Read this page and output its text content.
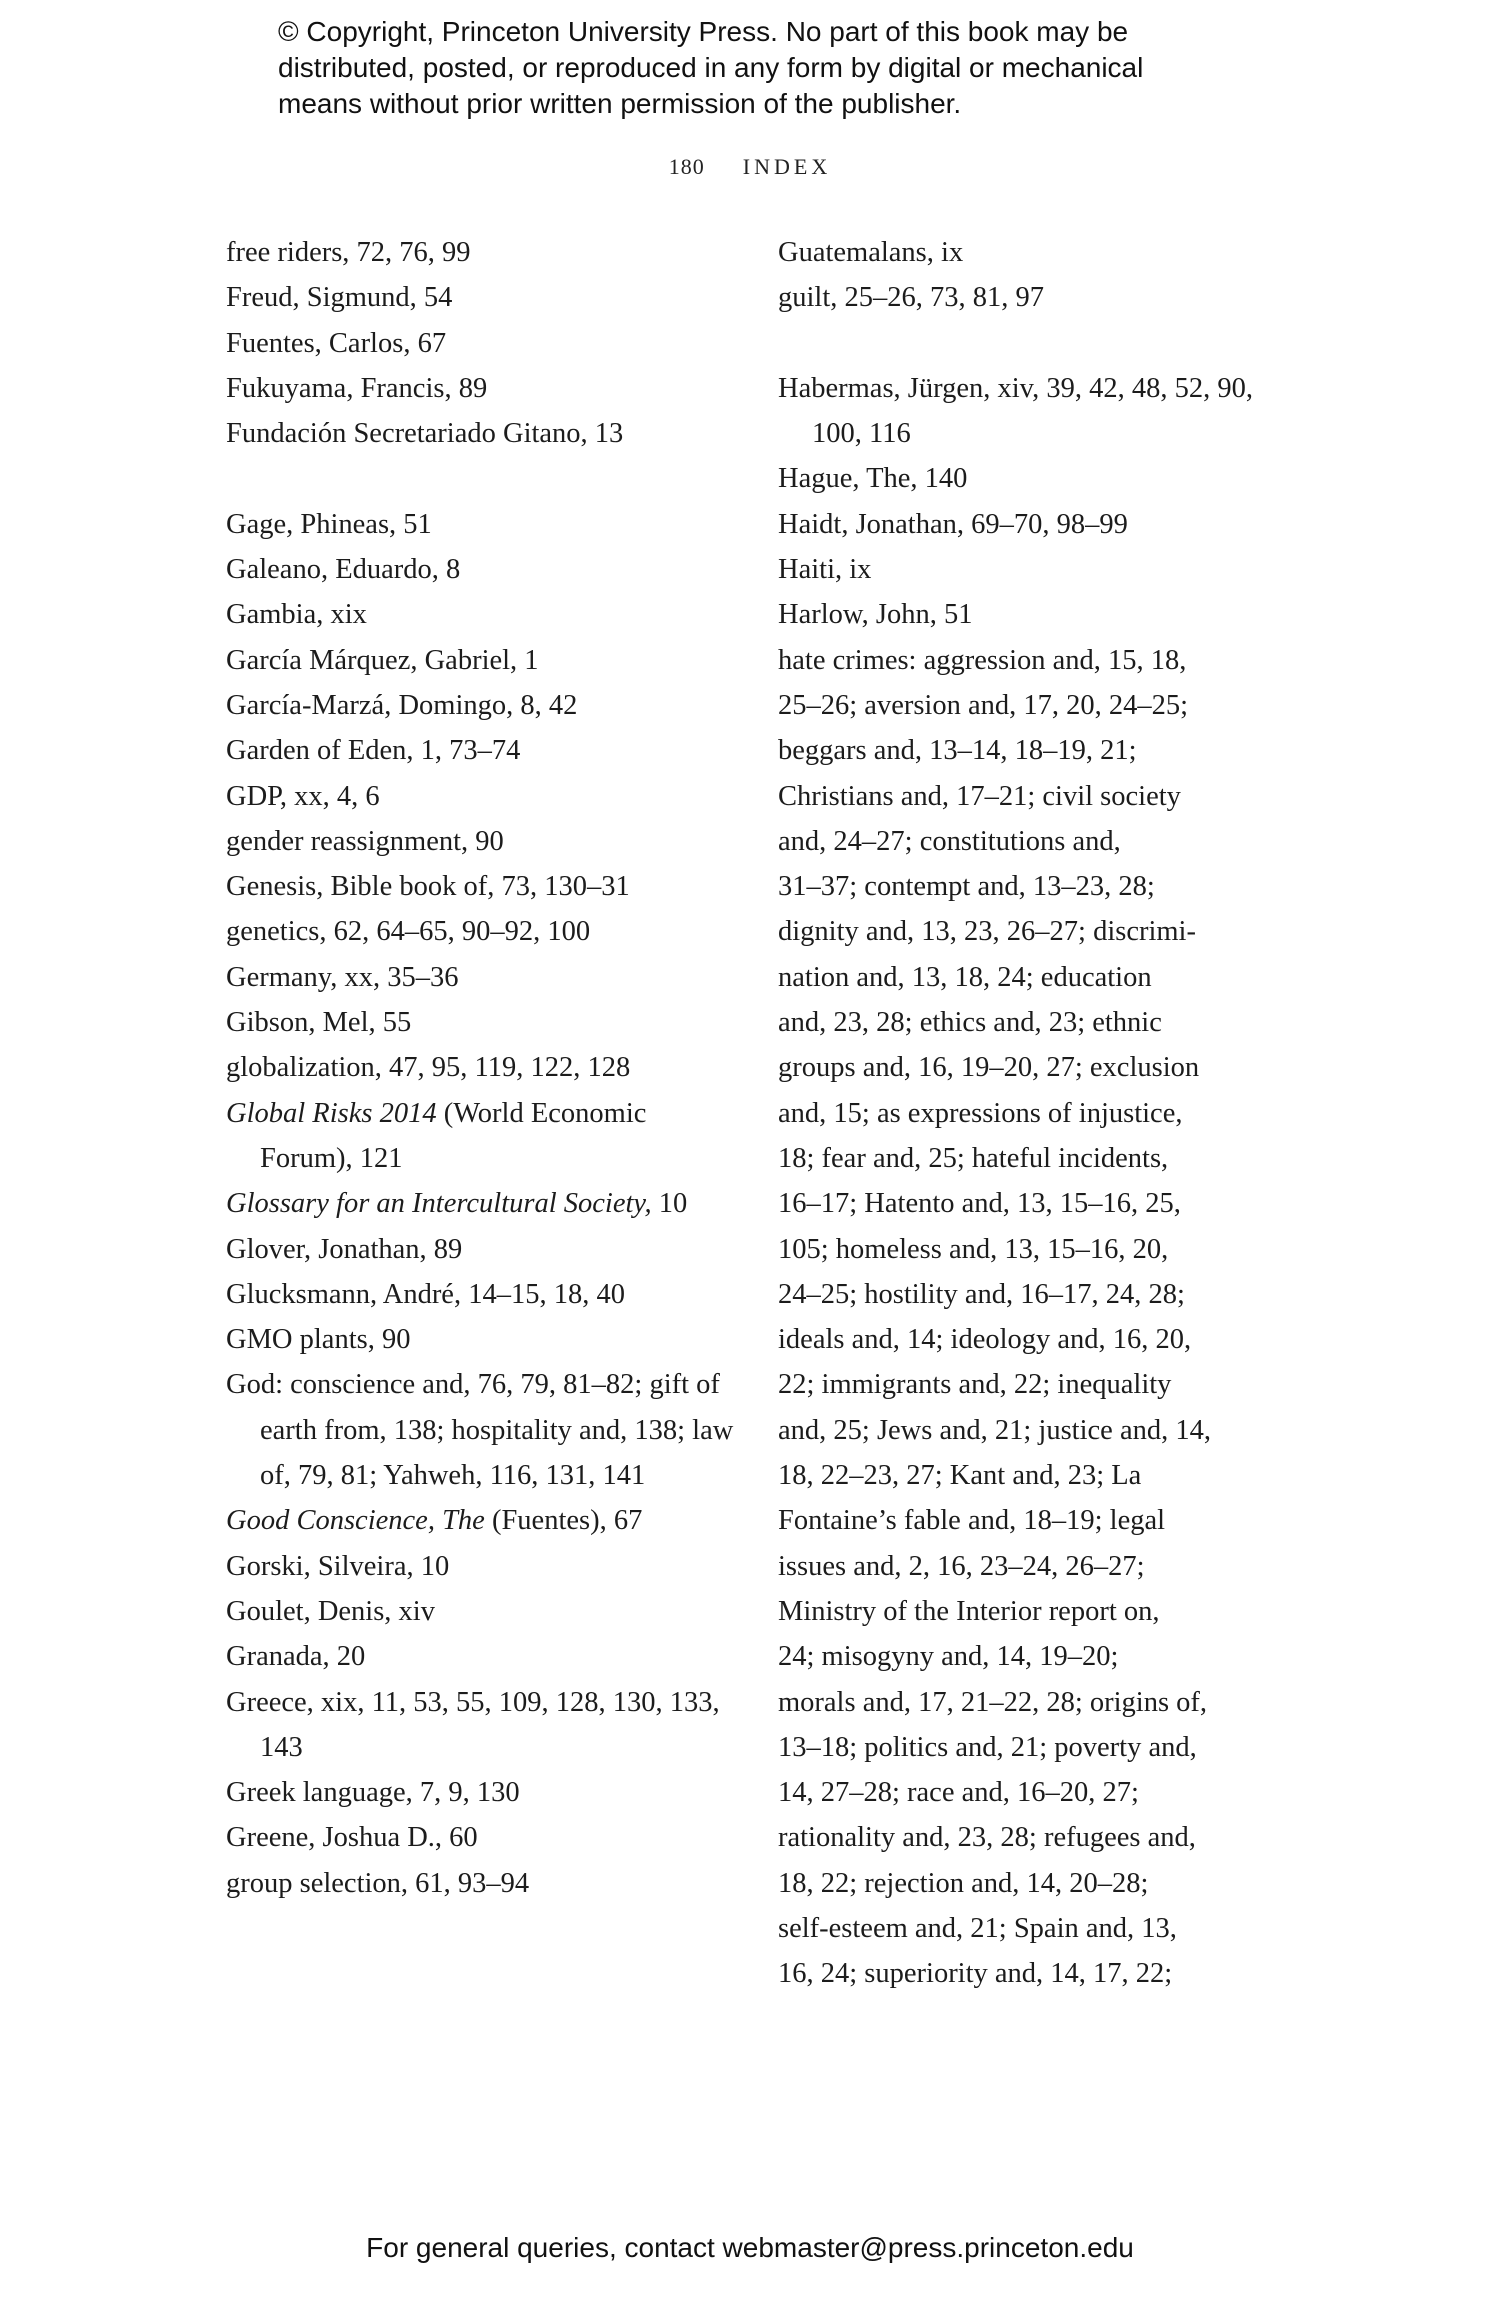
© Copyright, Princeton University Press. No part of this book may be
distributed, posted, or reproduced in any form by digital or mechanical
means without prior written permission of the publisher.
180 INDEX

free riders, 72, 76, 99

Freud, Sigmund, 54

Fuentes, Carlos, 67

Fukuyama, Francis, 89

Fundación Secretariado Gitano, 13

Gage, Phineas, 51

Galeano, Eduardo, 8

Gambia, xix

García Márquez, Gabriel, 1

García-Marzá, Domingo, 8, 42

Garden of Eden, 1, 73–74

GDP, xx, 4, 6

gender reassignment, 90

Genesis, Bible book of, 73, 130–31

genetics, 62, 64–65, 90–92, 100

Germany, xx, 35–36

Gibson, Mel, 55

globalization, 47, 95, 119, 122, 128

Global Risks 2014 (World Economic Forum), 121

Glossary for an Intercultural Society, 10

Glover, Jonathan, 89

Glucksmann, André, 14–15, 18, 40

GMO plants, 90

God: conscience and, 76, 79, 81–82; gift of earth from, 138; hospitality and, 138; law of, 79, 81; Yahweh, 116, 131, 141

Good Conscience, The (Fuentes), 67

Gorski, Silveira, 10

Goulet, Denis, xiv

Granada, 20

Greece, xix, 11, 53, 55, 109, 128, 130, 133, 143

Greek language, 7, 9, 130

Greene, Joshua D., 60

group selection, 61, 93–94

Guatemalans, ix

guilt, 25–26, 73, 81, 97

Habermas, Jürgen, xiv, 39, 42, 48, 52, 90, 100, 116

Hague, The, 140

Haidt, Jonathan, 69–70, 98–99

Haiti, ix

Harlow, John, 51

hate crimes: aggression and, 15, 18,
25–26; aversion and, 17, 20, 24–25;
beggars and, 13–14, 18–19, 21;
Christians and, 17–21; civil society
and, 24–27; constitutions and,
31–37; contempt and, 13–23, 28;
dignity and, 13, 23, 26–27; discrimi-
nation and, 13, 18, 24; education
and, 23, 28; ethics and, 23; ethnic
groups and, 16, 19–20, 27; exclusion
and, 15; as expressions of injustice,
18; fear and, 25; hateful incidents,
16–17; Hatento and, 13, 15–16, 25,
105; homeless and, 13, 15–16, 20,
24–25; hostility and, 16–17, 24, 28;
ideals and, 14; ideology and, 16, 20,
22; immigrants and, 22; inequality
and, 25; Jews and, 21; justice and, 14,
18, 22–23, 27; Kant and, 23; La
Fontaine’s fable and, 18–19; legal
issues and, 2, 16, 23–24, 26–27;
Ministry of the Interior report on,
24; misogyny and, 14, 19–20;
morals and, 17, 21–22, 28; origins of,
13–18; politics and, 21; poverty and,
14, 27–28; race and, 16–20, 27;
rationality and, 23, 28; refugees and,
18, 22; rejection and, 14, 20–28;
self-esteem and, 21; Spain and, 13,
16, 24; superiority and, 14, 17, 22;
For general queries, contact webmaster@press.princeton.edu
